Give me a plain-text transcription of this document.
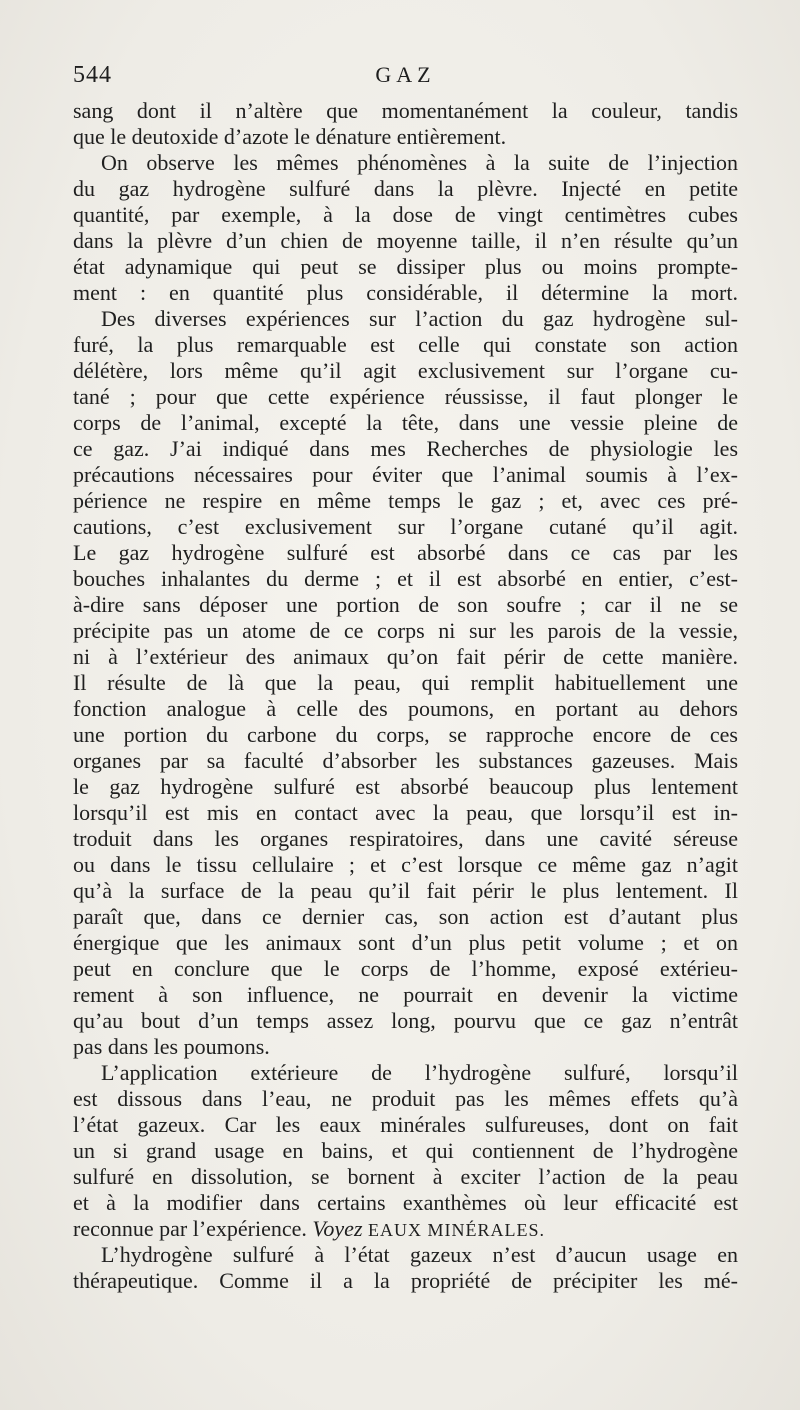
544	GAZ
sang dont il n’altère que momentanément la couleur, tandis
que le deutoxide d’azote le dénature entièrement.
On observe les mêmes phénomènes à la suite de l’injection
du gaz hydrogène sulfuré dans la plèvre. Injecté en petite
quantité, par exemple, à la dose de vingt centimètres cubes
dans la plèvre d’un chien de moyenne taille, il n’en résulte qu’un
état adynamique qui peut se dissiper plus ou moins prompte-
ment : en quantité plus considérable, il détermine la mort.
Des diverses expériences sur l’action du gaz hydrogène sul-
furé, la plus remarquable est celle qui constate son action
délétère, lors même qu’il agit exclusivement sur l’organe cu-
tané ; pour que cette expérience réussisse, il faut plonger le
corps de l’animal, excepté la tête, dans une vessie pleine de
ce gaz. J’ai indiqué dans mes Recherches de physiologie les
précautions nécessaires pour éviter que l’animal soumis à l’ex-
périence ne respire en même temps le gaz ; et, avec ces pré-
cautions, c’est exclusivement sur l’organe cutané qu’il agit.
Le gaz hydrogène sulfuré est absorbé dans ce cas par les
bouches inhalantes du derme ; et il est absorbé en entier, c’est-
à-dire sans déposer une portion de son soufre ; car il ne se
précipite pas un atome de ce corps ni sur les parois de la vessie,
ni à l’extérieur des animaux qu’on fait périr de cette manière.
Il résulte de là que la peau, qui remplit habituellement une
fonction analogue à celle des poumons, en portant au dehors
une portion du carbone du corps, se rapproche encore de ces
organes par sa faculté d’absorber les substances gazeuses. Mais
le gaz hydrogène sulfuré est absorbé beaucoup plus lentement
lorsqu’il est mis en contact avec la peau, que lorsqu’il est in-
troduit dans les organes respiratoires, dans une cavité séreuse
ou dans le tissu cellulaire ; et c’est lorsque ce même gaz n’agit
qu’à la surface de la peau qu’il fait périr le plus lentement. Il
paraît que, dans ce dernier cas, son action est d’autant plus
énergique que les animaux sont d’un plus petit volume ; et on
peut en conclure que le corps de l’homme, exposé extérieu-
rement à son influence, ne pourrait en devenir la victime
qu’au bout d’un temps assez long, pourvu que ce gaz n’entrât
pas dans les poumons.
L’application extérieure de l’hydrogène sulfuré, lorsqu’il
est dissous dans l’eau, ne produit pas les mêmes effets qu’à
l’état gazeux. Car les eaux minérales sulfureuses, dont on fait
un si grand usage en bains, et qui contiennent de l’hydrogène
sulfuré en dissolution, se bornent à exciter l’action de la peau
et à la modifier dans certains exanthèmes où leur efficacité est
reconnue par l’expérience. Voyez EAUX MINÉRALES.
L’hydrogène sulfuré à l’état gazeux n’est d’aucun usage en
thérapeutique. Comme il a la propriété de précipiter les mé-
